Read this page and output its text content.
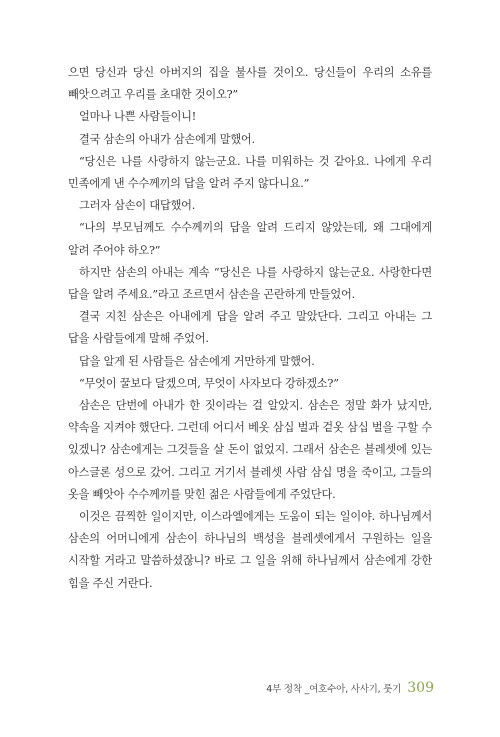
으면 당신과 당신 아버지의 집을 불사를 것이오. 당신들이 우리의 소유를 빼앗으려고 우리를 초대한 것이오?”

얼마나 나쁜 사람들이니!

결국 삼손의 아내가 삼손에게 말했어.

“당신은 나를 사랑하지 않는군요. 나를 미워하는 것 같아요. 나에게 우리 민족에게 낸 수수께끼의 답을 알려 주지 않다니요.”

그러자 삼손이 대답했어.

“나의 부모님께도 수수께끼의 답을 알려 드리지 않았는데, 왜 그대에게 알려 주어야 하오?”

하지만 삼손의 아내는 계속 “당신은 나를 사랑하지 않는군요. 사랑한다면 답을 알려 주세요.”라고 조르면서 삼손을 곤란하게 만들었어.

결국 지친 삼손은 아내에게 답을 알려 주고 말았단다. 그리고 아내는 그 답을 사람들에게 말해 주었어.

답을 알게 된 사람들은 삼손에게 거만하게 말했어.

“무엇이 꿀보다 달겠으며, 무엇이 사자보다 강하겠소?”

삼손은 단번에 아내가 한 짓이라는 걸 알았지. 삼손은 정말 화가 났지만, 약속을 지켜야 했단다. 그런데 어디서 베옷 삼십 벌과 겉옷 삼십 벌을 구할 수 있겠니? 삼손에게는 그것들을 살 돈이 없었지. 그래서 삼손은 블레셋에 있는 아스글론 성으로 갔어. 그리고 거기서 블레셋 사람 삼십 명을 죽이고, 그들의 옷을 빼앗아 수수께끼를 맞힌 젊은 사람들에게 주었단다.

이것은 끔찍한 일이지만, 이스라엘에게는 도움이 되는 일이야. 하나님께서 삼손의 어머니에게 삼손이 하나님의 백성을 블레셋에게서 구원하는 일을 시작할 거라고 말씀하셨잖니? 바로 그 일을 위해 하나님께서 삼손에게 강한 힘을 주신 거란다.

4부 정착 _여호수아, 사사기, 룻기 309
